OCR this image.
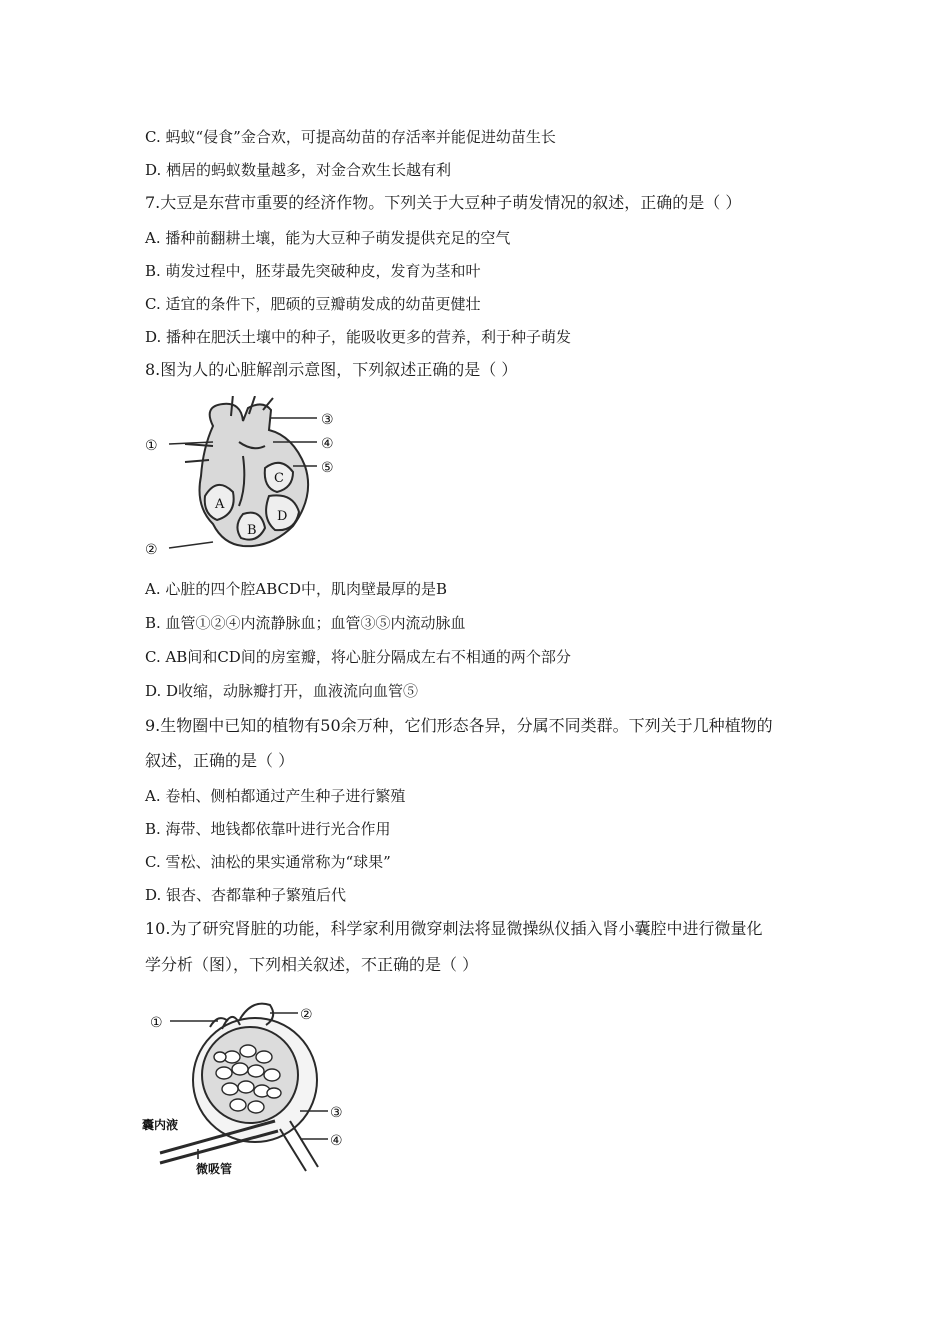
C. 蚂蚁“侵食”金合欢，可提高幼苗的存活率并能促进幼苗生长
D. 栖居的蚂蚁数量越多，对金合欢生长越有利
7.大豆是东营市重要的经济作物。下列关于大豆种子萌发情况的叙述，正确的是（ ）
A. 播种前翻耕土壤，能为大豆种子萌发提供充足的空气
B. 萌发过程中，胚芽最先突破种皮，发育为茎和叶
C. 适宜的条件下，肥硕的豆瓣萌发成的幼苗更健壮
D. 播种在肥沃土壤中的种子，能吸收更多的营养，利于种子萌发
8.图为人的心脏解剖示意图，下列叙述正确的是（ ）
①
②
③
④
⑤
A
B
C
D
A. 心脏的四个腔ABCD中，肌肉壁最厚的是B
B. 血管①②④内流静脉血；血管③⑤内流动脉血
C. AB间和CD间的房室瓣，将心脏分隔成左右不相通的两个部分
D. D收缩，动脉瓣打开，血液流向血管⑤
9.生物圈中已知的植物有50余万种，它们形态各异，分属不同类群。下列关于几种植物的
叙述，正确的是（ ）
A. 卷柏、侧柏都通过产生种子进行繁殖
B. 海带、地钱都依靠叶进行光合作用
C. 雪松、油松的果实通常称为“球果”
D. 银杏、杏都靠种子繁殖后代
10.为了研究肾脏的功能，科学家利用微穿刺法将显微操纵仪插入肾小囊腔中进行微量化
学分析（图），下列相关叙述，不正确的是（ ）
①	②
③
④
囊内液
微吸管
